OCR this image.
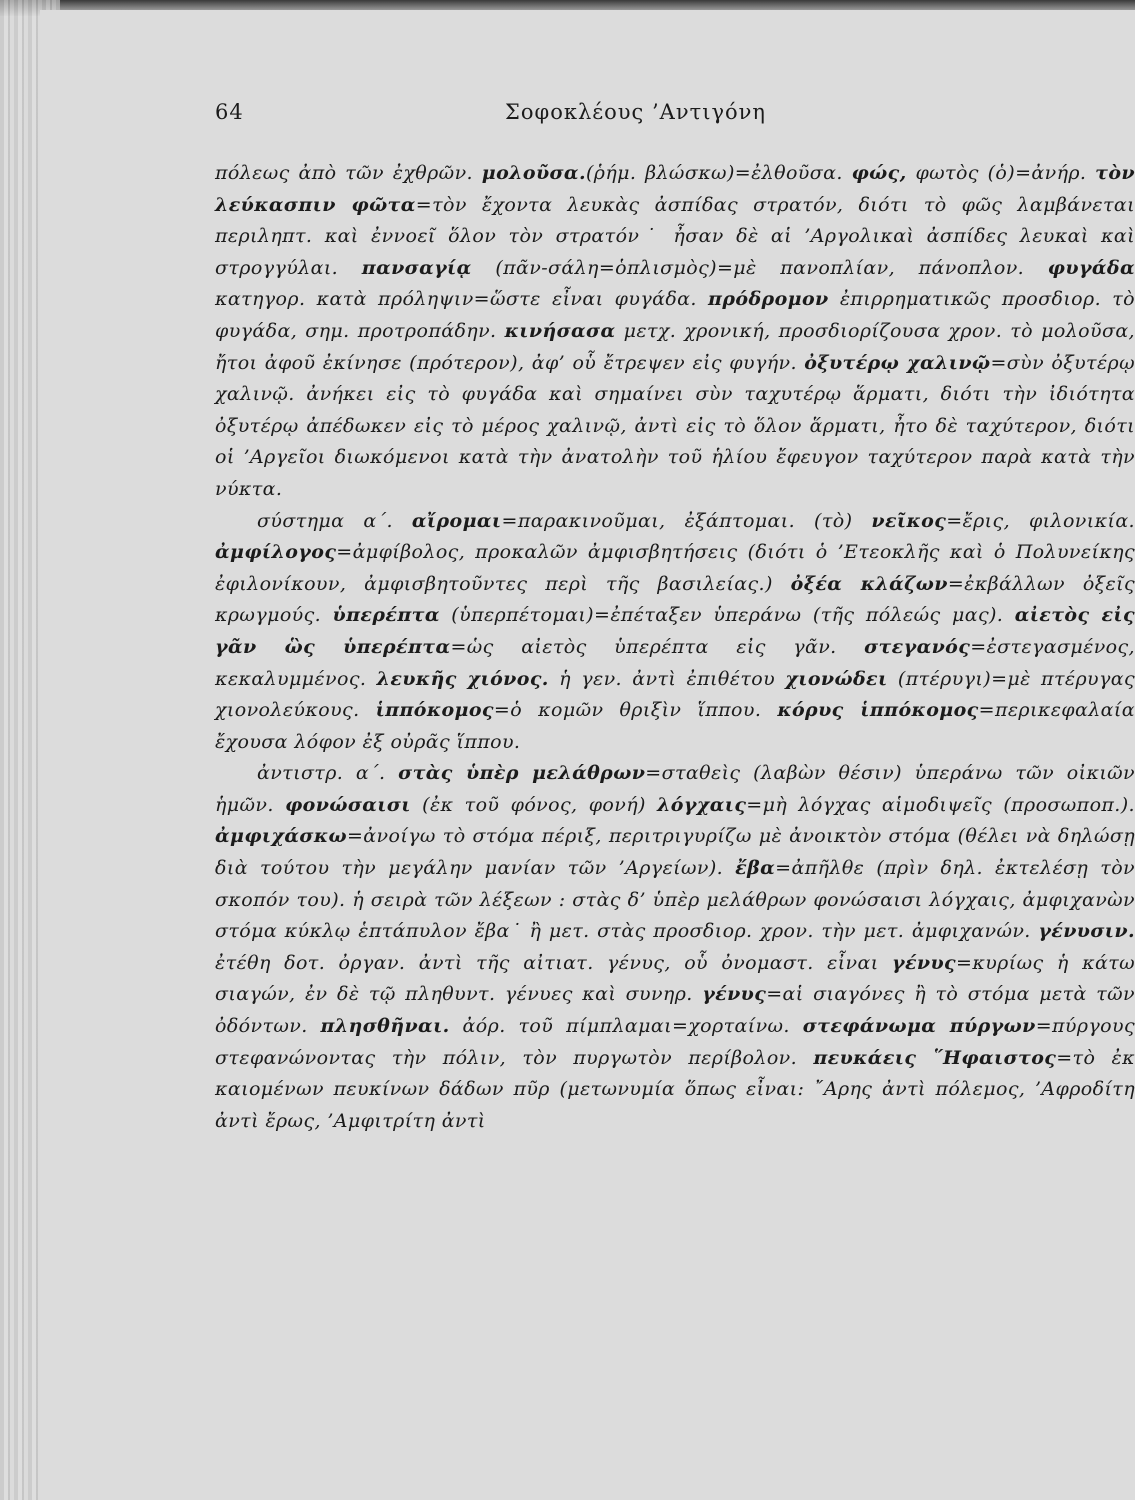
64	Σοφοκλέους ’Αντιγόνη

πόλεως ἀπὸ τῶν ἐχθρῶν. μολοῦσα.(ῥήμ. βλώσκω)=ἐλθοῦσα. φώς, φωτὸς (ὁ)=ἀνήρ. τὸν λεύκασπιν φῶτα=τὸν ἔχοντα λευκὰς ἀσπίδας στρατόν, διότι τὸ φῶς λαμβάνεται περιληπτ. καὶ ἐννοεῖ ὅλον τὸν στρατόν˙ ἦσαν δὲ αἱ ’Αργολικαὶ ἀσπίδες λευκαὶ καὶ στρογγύλαι. πανσαγίᾳ (πᾶν-σάλη=ὁπλισμὸς)=μὲ πανοπλίαν, πάνοπλον. φυγάδα κατηγορ. κατὰ πρόληψιν=ὥστε εἶναι φυγάδα. πρόδρομον ἐπιρρηματικῶς προσδιορ. τὸ φυγάδα, σημ. προτροπάδην. κινήσασα μετχ. χρονική, προσδιορίζουσα χρον. τὸ μολοῦσα, ἤτοι ἀφοῦ ἐκίνησε (πρότερον), ἀφ’ οὗ ἔτρεψεν εἰς φυγήν. ὀξυτέρῳ χαλινῷ=σὺν ὀξυτέρῳ χαλινῷ. ἀνήκει εἰς τὸ φυγάδα καὶ σημαίνει σὺν ταχυτέρῳ ἅρματι, διότι τὴν ἰδιότητα ὀξυτέρῳ ἀπέδωκεν εἰς τὸ μέρος χαλινῷ, ἀντὶ εἰς τὸ ὅλον ἅρματι, ἦτο δὲ ταχύτερον, διότι οἱ ’Αργεῖοι διωκόμενοι κατὰ τὴν ἀνατολὴν τοῦ ἡλίου ἔφευγον ταχύτερον παρὰ κατὰ τὴν νύκτα.

σύστημα α΄. αἴρομαι=παρακινοῦμαι, ἐξάπτομαι. (τὸ) νεῖκος=ἔρις, φιλονικία. ἀμφίλογος=ἀμφίβολος, προκαλῶν ἀμφισβητήσεις (διότι ὁ ’Ετεοκλῆς καὶ ὁ Πολυνείκης ἐφιλονίκουν, ἀμφισβητοῦντες περὶ τῆς βασιλείας.) ὀξέα κλάζων=ἐκβάλλων ὀξεῖς κρωγμούς. ὑπερέπτα (ὑπερπέτομαι)=ἐπέταξεν ὑπεράνω (τῆς πόλεώς μας). αἰετὸς εἰς γᾶν ὣς ὑπερέπτα=ὡς αἰετὸς ὑπερέπτα εἰς γᾶν. στεγανός=ἐστεγασμένος, κεκαλυμμένος. λευκῆς χιόνος. ἡ γεν. ἀντὶ ἐπιθέτου χιονώδει (πτέρυγι)=μὲ πτέρυγας χιονολεύκους. ἱππόκομος=ὁ κομῶν θριξὶν ἵππου. κόρυς ἱππόκομος=περικεφαλαία ἔχουσα λόφον ἐξ οὐρᾶς ἵππου.

ἀντιστρ. α΄. στὰς ὑπὲρ μελάθρων=σταθεὶς (λαβὼν θέσιν) ὑπεράνω τῶν οἰκιῶν ἡμῶν. φονώσαισι (ἐκ τοῦ φόνος, φονή) λόγχαις=μὴ λόγχας αἱμοδιψεῖς (προσωποπ.). ἀμφιχάσκω=ἀνοίγω τὸ στόμα πέριξ, περιτριγυρίζω μὲ ἀνοικτὸν στόμα (θέλει νὰ δηλώσῃ διὰ τούτου τὴν μεγάλην μανίαν τῶν ’Αργείων). ἔβα=ἀπῆλθε (πρὶν δηλ. ἐκτελέσῃ τὸν σκοπόν του). ἡ σειρὰ τῶν λέξεων : στὰς δ’ ὑπὲρ μελάθρων φονώσαισι λόγχαις, ἀμφιχανὼν στόμα κύκλῳ ἑπτάπυλον ἔβα˙ ἢ μετ. στὰς προσδιορ. χρον. τὴν μετ. ἀμφιχανών. γένυσιν. ἐτέθη δοτ. ὀργαν. ἀντὶ τῆς αἰτιατ. γένυς, οὗ ὀνομαστ. εἶναι γένυς=κυρίως ἡ κάτω σιαγών, ἐν δὲ τῷ πληθυντ. γένυες καὶ συνηρ. γένυς=αἱ σιαγόνες ἢ τὸ στόμα μετὰ τῶν ὀδόντων. πλησθῆναι. ἀόρ. τοῦ πίμπλαμαι=χορταίνω. στεφάνωμα πύργων=πύργους στεφανώνοντας τὴν πόλιν, τὸν πυργωτὸν περίβολον. πευκάεις ῞Ηφαιστος=τὸ ἐκ καιομένων πευκίνων δάδων πῦρ (μετωνυμία ὅπως εἶναι: ῎Αρης ἀντὶ πόλεμος, ’Αφροδίτη ἀντὶ ἔρως, ’Αμφιτρίτη ἀντὶ
